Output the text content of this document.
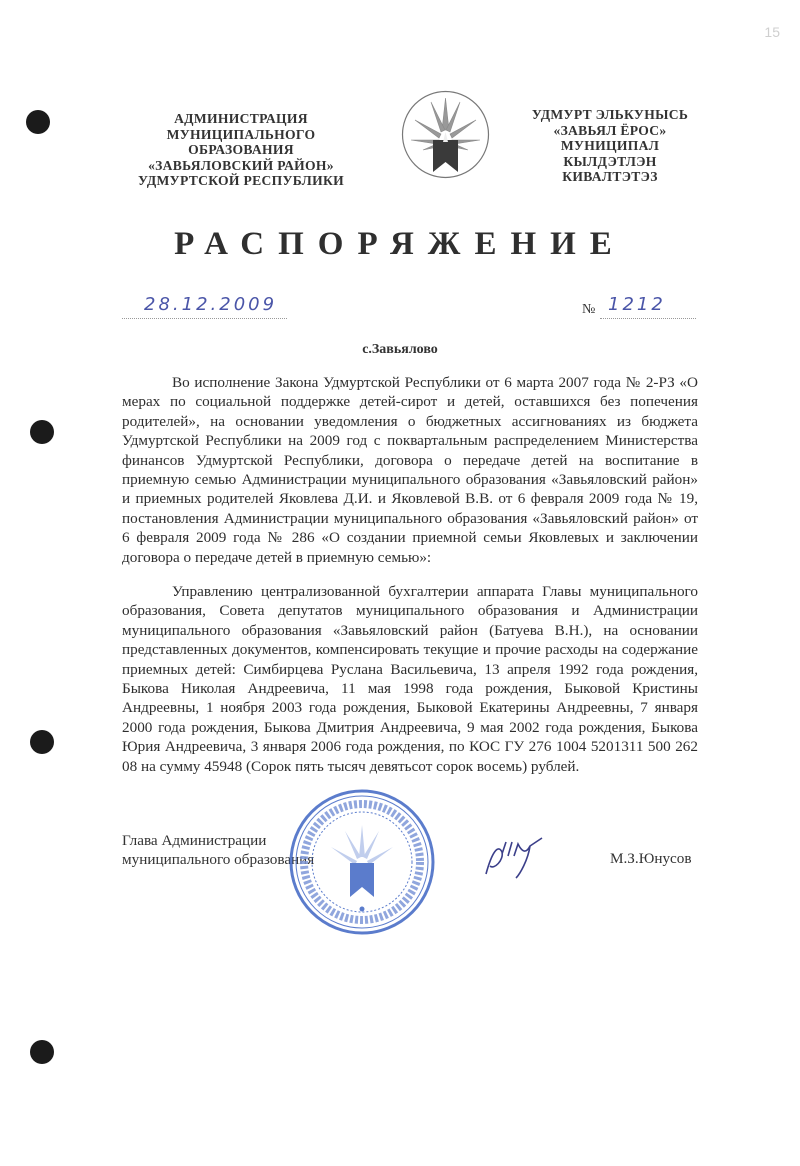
15
АДМИНИСТРАЦИЯ
МУНИЦИПАЛЬНОГО ОБРАЗОВАНИЯ
«ЗАВЬЯЛОВСКИЙ РАЙОН»
УДМУРТСКОЙ РЕСПУБЛИКИ
УДМУРТ ЭЛЬКУНЫСЬ
«ЗАВЬЯЛ ЁРОС»
МУНИЦИПАЛ КЫЛДЭТЛЭН
КИВАЛТЭТЭЗ
РАСПОРЯЖЕНИЕ
28.12.2009	№ 1212
с.Завьялово
Во исполнение Закона Удмуртской Республики от 6 марта 2007 года № 2-РЗ «О мерах по социальной поддержке детей-сирот и детей, оставшихся без попечения родителей», на основании уведомления о бюджетных ассигнованиях из бюджета Удмуртской Республики на 2009 год с поквартальным распределением Министерства финансов Удмуртской Республики, договора о передаче детей на воспитание в приемную семью Администрации муниципального образования «Завьяловский район» и приемных родителей Яковлева Д.И. и Яковлевой В.В. от 6 февраля 2009 года № 19, постановления Администрации муниципального образования «Завьяловский район» от 6 февраля 2009 года № 286 «О создании приемной семьи Яковлевых и заключении договора о передаче детей в приемную семью»:
Управлению централизованной бухгалтерии аппарата Главы муниципального образования, Совета депутатов муниципального образования и Администрации муниципального образования «Завьяловский район (Батуева В.Н.), на основании представленных документов, компенсировать текущие и прочие расходы на содержание приемных детей: Симбирцева Руслана Васильевича, 13 апреля 1992 года рождения, Быкова Николая Андреевича, 11 мая 1998 года рождения, Быковой Кристины Андреевны, 1 ноября 2003 года рождения, Быковой Екатерины Андреевны, 7 января 2000 года рождения, Быкова Дмитрия Андреевича, 9 мая 2002 года рождения, Быкова Юрия Андреевича, 3 января 2006 года рождения, по КОС ГУ 276 1004 5201311 500 262 08 на сумму 45948 (Сорок пять тысяч девятьсот сорок восемь) рублей.
Глава Администрации
муниципального образования	М.З.Юнусов
